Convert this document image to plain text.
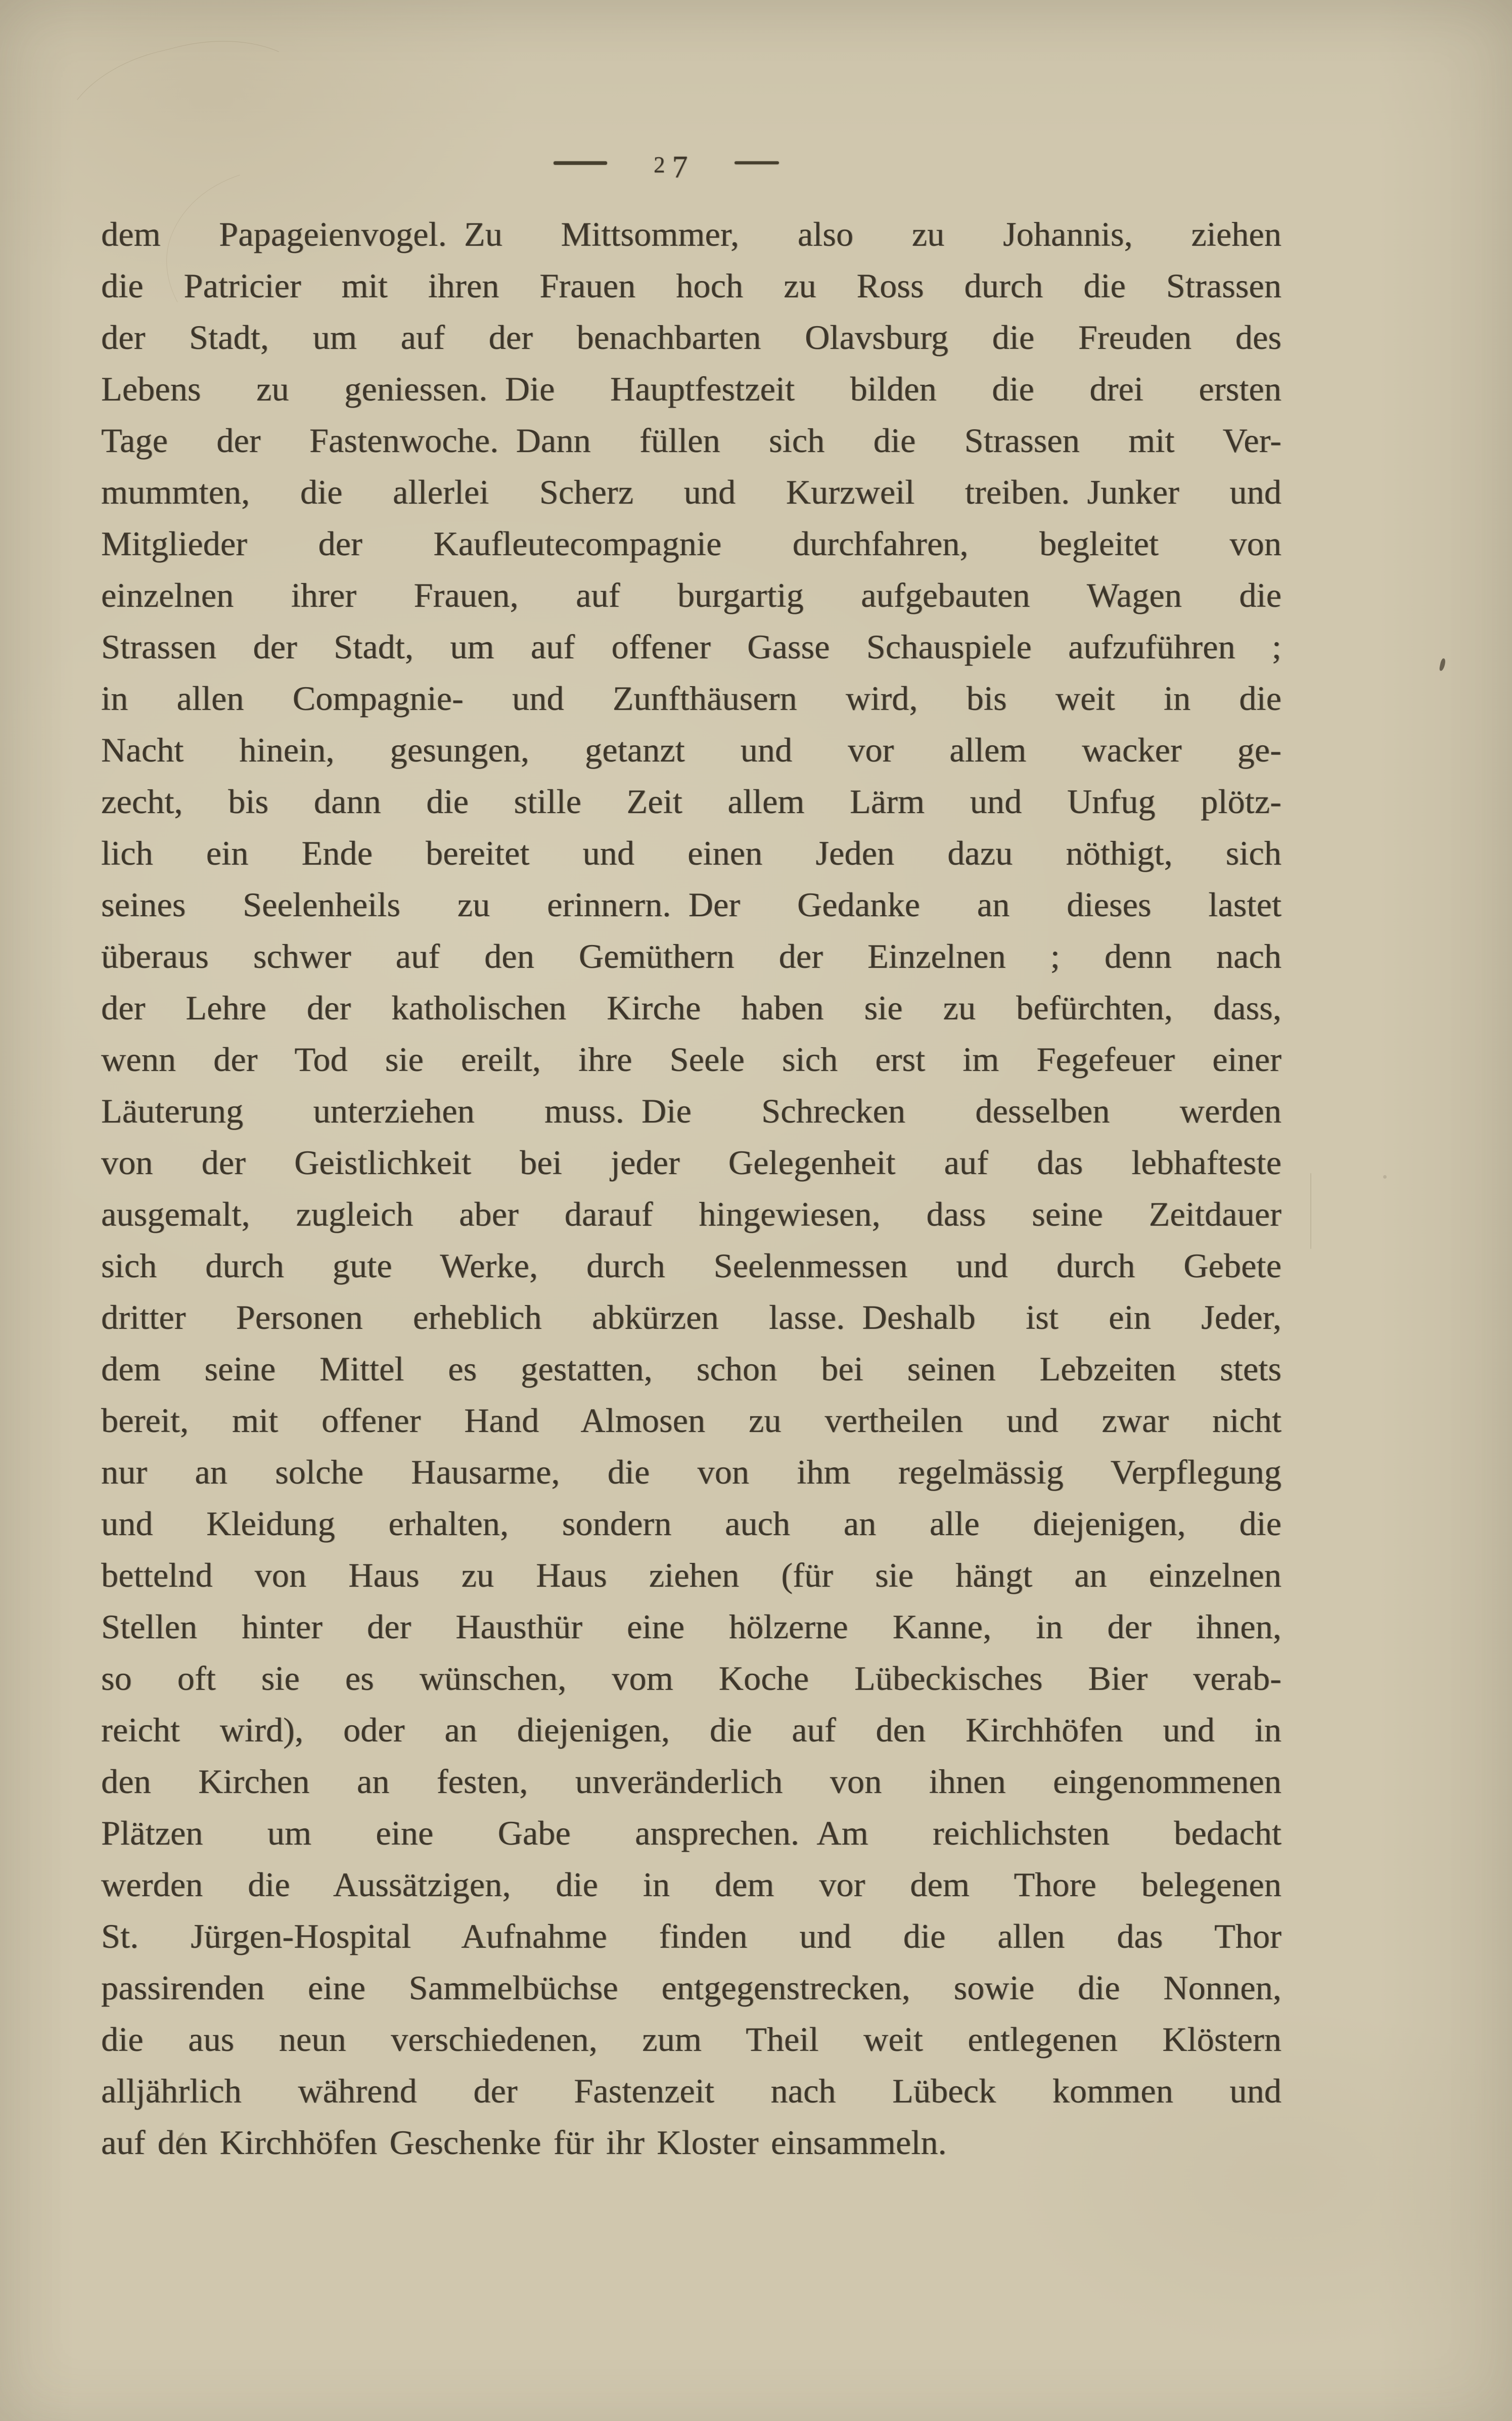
2 7
dem Papageienvogel. Zu Mittsommer, also zu Johannis, ziehen
die Patricier mit ihren Frauen hoch zu Ross durch die Strassen
der Stadt, um auf der benachbarten Olavsburg die Freuden des
Lebens zu geniessen. Die Hauptfestzeit bilden die drei ersten
Tage der Fastenwoche. Dann füllen sich die Strassen mit Ver-
mummten, die allerlei Scherz und Kurzweil treiben. Junker und
Mitglieder der Kaufleutecompagnie durchfahren, begleitet von
einzelnen ihrer Frauen, auf burgartig aufgebauten Wagen die
Strassen der Stadt, um auf offener Gasse Schauspiele aufzuführen ;
in allen Compagnie- und Zunfthäusern wird, bis weit in die
Nacht hinein, gesungen, getanzt und vor allem wacker ge-
zecht, bis dann die stille Zeit allem Lärm und Unfug plötz-
lich ein Ende bereitet und einen Jeden dazu nöthigt, sich
seines Seelenheils zu erinnern. Der Gedanke an dieses lastet
überaus schwer auf den Gemüthern der Einzelnen ; denn nach
der Lehre der katholischen Kirche haben sie zu befürchten, dass,
wenn der Tod sie ereilt, ihre Seele sich erst im Fegefeuer einer
Läuterung unterziehen muss. Die Schrecken desselben werden
von der Geistlichkeit bei jeder Gelegenheit auf das lebhafteste
ausgemalt, zugleich aber darauf hingewiesen, dass seine Zeitdauer
sich durch gute Werke, durch Seelenmessen und durch Gebete
dritter Personen erheblich abkürzen lasse. Deshalb ist ein Jeder,
dem seine Mittel es gestatten, schon bei seinen Lebzeiten stets
bereit, mit offener Hand Almosen zu vertheilen und zwar nicht
nur an solche Hausarme, die von ihm regelmässig Verpflegung
und Kleidung erhalten, sondern auch an alle diejenigen, die
bettelnd von Haus zu Haus ziehen (für sie hängt an einzelnen
Stellen hinter der Hausthür eine hölzerne Kanne, in der ihnen,
so oft sie es wünschen, vom Koche Lübeckisches Bier verab-
reicht wird), oder an diejenigen, die auf den Kirchhöfen und in
den Kirchen an festen, unveränderlich von ihnen eingenommenen
Plätzen um eine Gabe ansprechen. Am reichlichsten bedacht
werden die Aussätzigen, die in dem vor dem Thore belegenen
St. Jürgen-Hospital Aufnahme finden und die allen das Thor
passirenden eine Sammelbüchse entgegenstrecken, sowie die Nonnen,
die aus neun verschiedenen, zum Theil weit entlegenen Klöstern
alljährlich während der Fastenzeit nach Lübeck kommen und
auf den Kirchhöfen Geschenke für ihr Kloster einsammeln.
